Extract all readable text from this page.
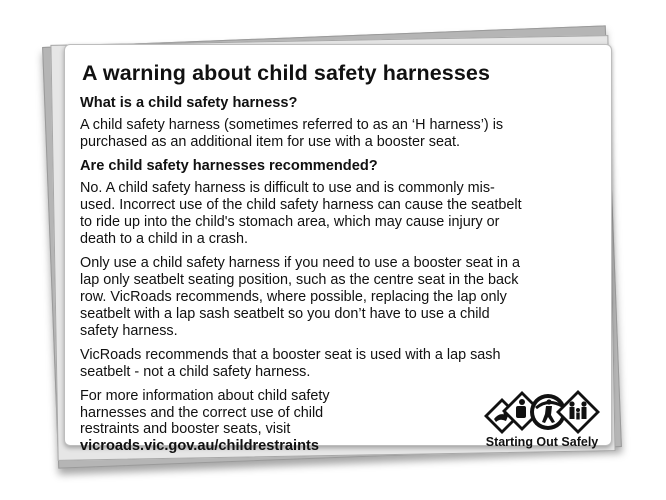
A warning about child safety harnesses
What is a child safety harness?
A child safety harness (sometimes referred to as an ‘H harness’) is
purchased as an additional item for use with a booster seat.
Are child safety harnesses recommended?
No. A child safety harness is difficult to use and is commonly mis-
used. Incorrect use of the child safety harness can cause the seatbelt
to ride up into the child's stomach area, which may cause injury or
death to a child in a crash.
Only use a child safety harness if you need to use a booster seat in a
lap only seatbelt seating position, such as the centre seat in the back
row. VicRoads recommends, where possible, replacing the lap only
seatbelt with a lap sash seatbelt so you don’t have to use a child
safety harness.
VicRoads recommends that a booster seat is used with a lap sash
seatbelt - not a child safety harness.
For more information about child safety
harnesses and the correct use of child
restraints and booster seats, visit
vicroads.vic.gov.au/childrestraints	Starting Out Safely
